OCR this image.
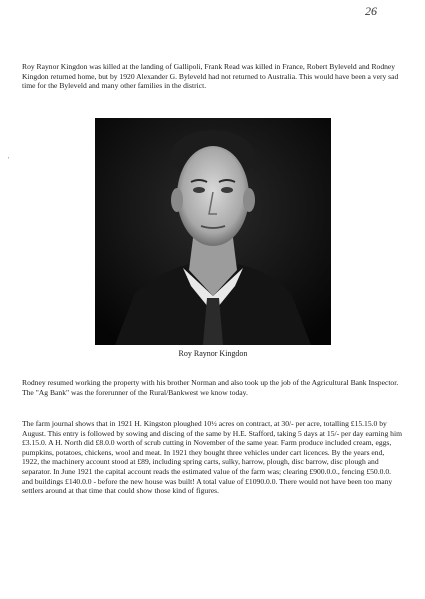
26

Roy Raynor Kingdon was killed at the landing of Gallipoli, Frank Read was killed in France, Robert Byleveld and Rodney Kingdon returned home, but by 1920 Alexander G. Byleveld had not returned to Australia. This would have been a very sad time for the Byleveld and many other families in the district.

'
Roy Raynor Kingdon

Rodney resumed working the property with his brother Norman and also took up the job of the Agricultural Bank Inspector. The "Ag Bank" was the forerunner of the Rural/Bankwest we know today.

The farm journal shows that in 1921 H. Kingston ploughed 10½ acres on contract, at 30/- per acre, totalling £15.15.0 by August. This entry is followed by sowing and discing of the same by H.E. Stafford, taking 5 days at 15/- per day earning him £3.15.0. A H. North did £8.0.0 worth of scrub cutting in November of the same year. Farm produce included cream, eggs, pumpkins, potatoes, chickens, wool and meat. In 1921 they bought three vehicles under cart licences. By the years end, 1922, the machinery account stood at £89, including spring carts, sulky, harrow, plough, disc barrow, disc plough and separator. In June 1921 the capital account reads the estimated value of the farm was; clearing £900.0.0., fencing £50.0.0. and buildings £140.0.0 - before the new house was built! A total value of £1090.0.0. There would not have been too many settlers around at that time that could show those kind of figures.
